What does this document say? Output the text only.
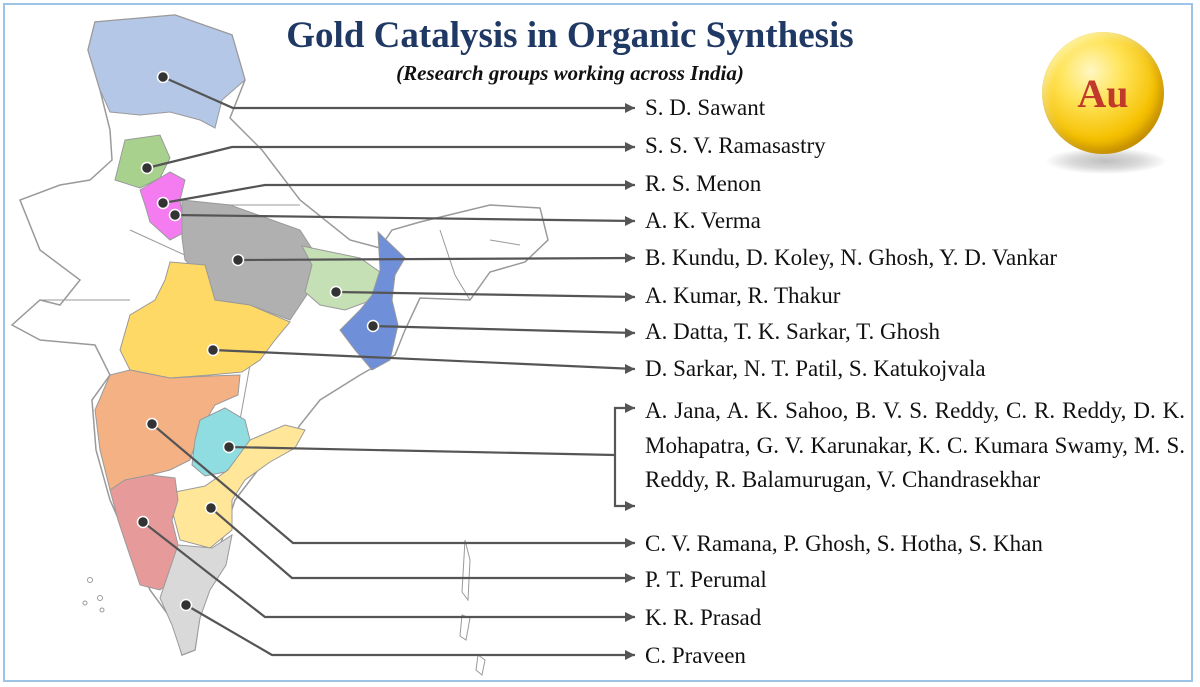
Gold Catalysis in Organic Synthesis
(Research groups working across India)	Au
S. D. Sawant
S. S. V. Ramasastry
R. S. Menon
A. K. Verma
B. Kundu, D. Koley, N. Ghosh, Y. D. Vankar
A. Kumar, R. Thakur
A. Datta, T. K. Sarkar, T. Ghosh
D. Sarkar, N. T. Patil, S. Katukojvala
A. Jana, A. K. Sahoo, B. V. S. Reddy, C. R. Reddy, D. K. Mohapatra, G. V. Karunakar, K. C. Kumara Swamy, M. S. Reddy, R. Balamurugan, V. Chandrasekhar
C. V. Ramana, P. Ghosh, S. Hotha, S. Khan
P. T. Perumal
K. R. Prasad
C. Praveen
